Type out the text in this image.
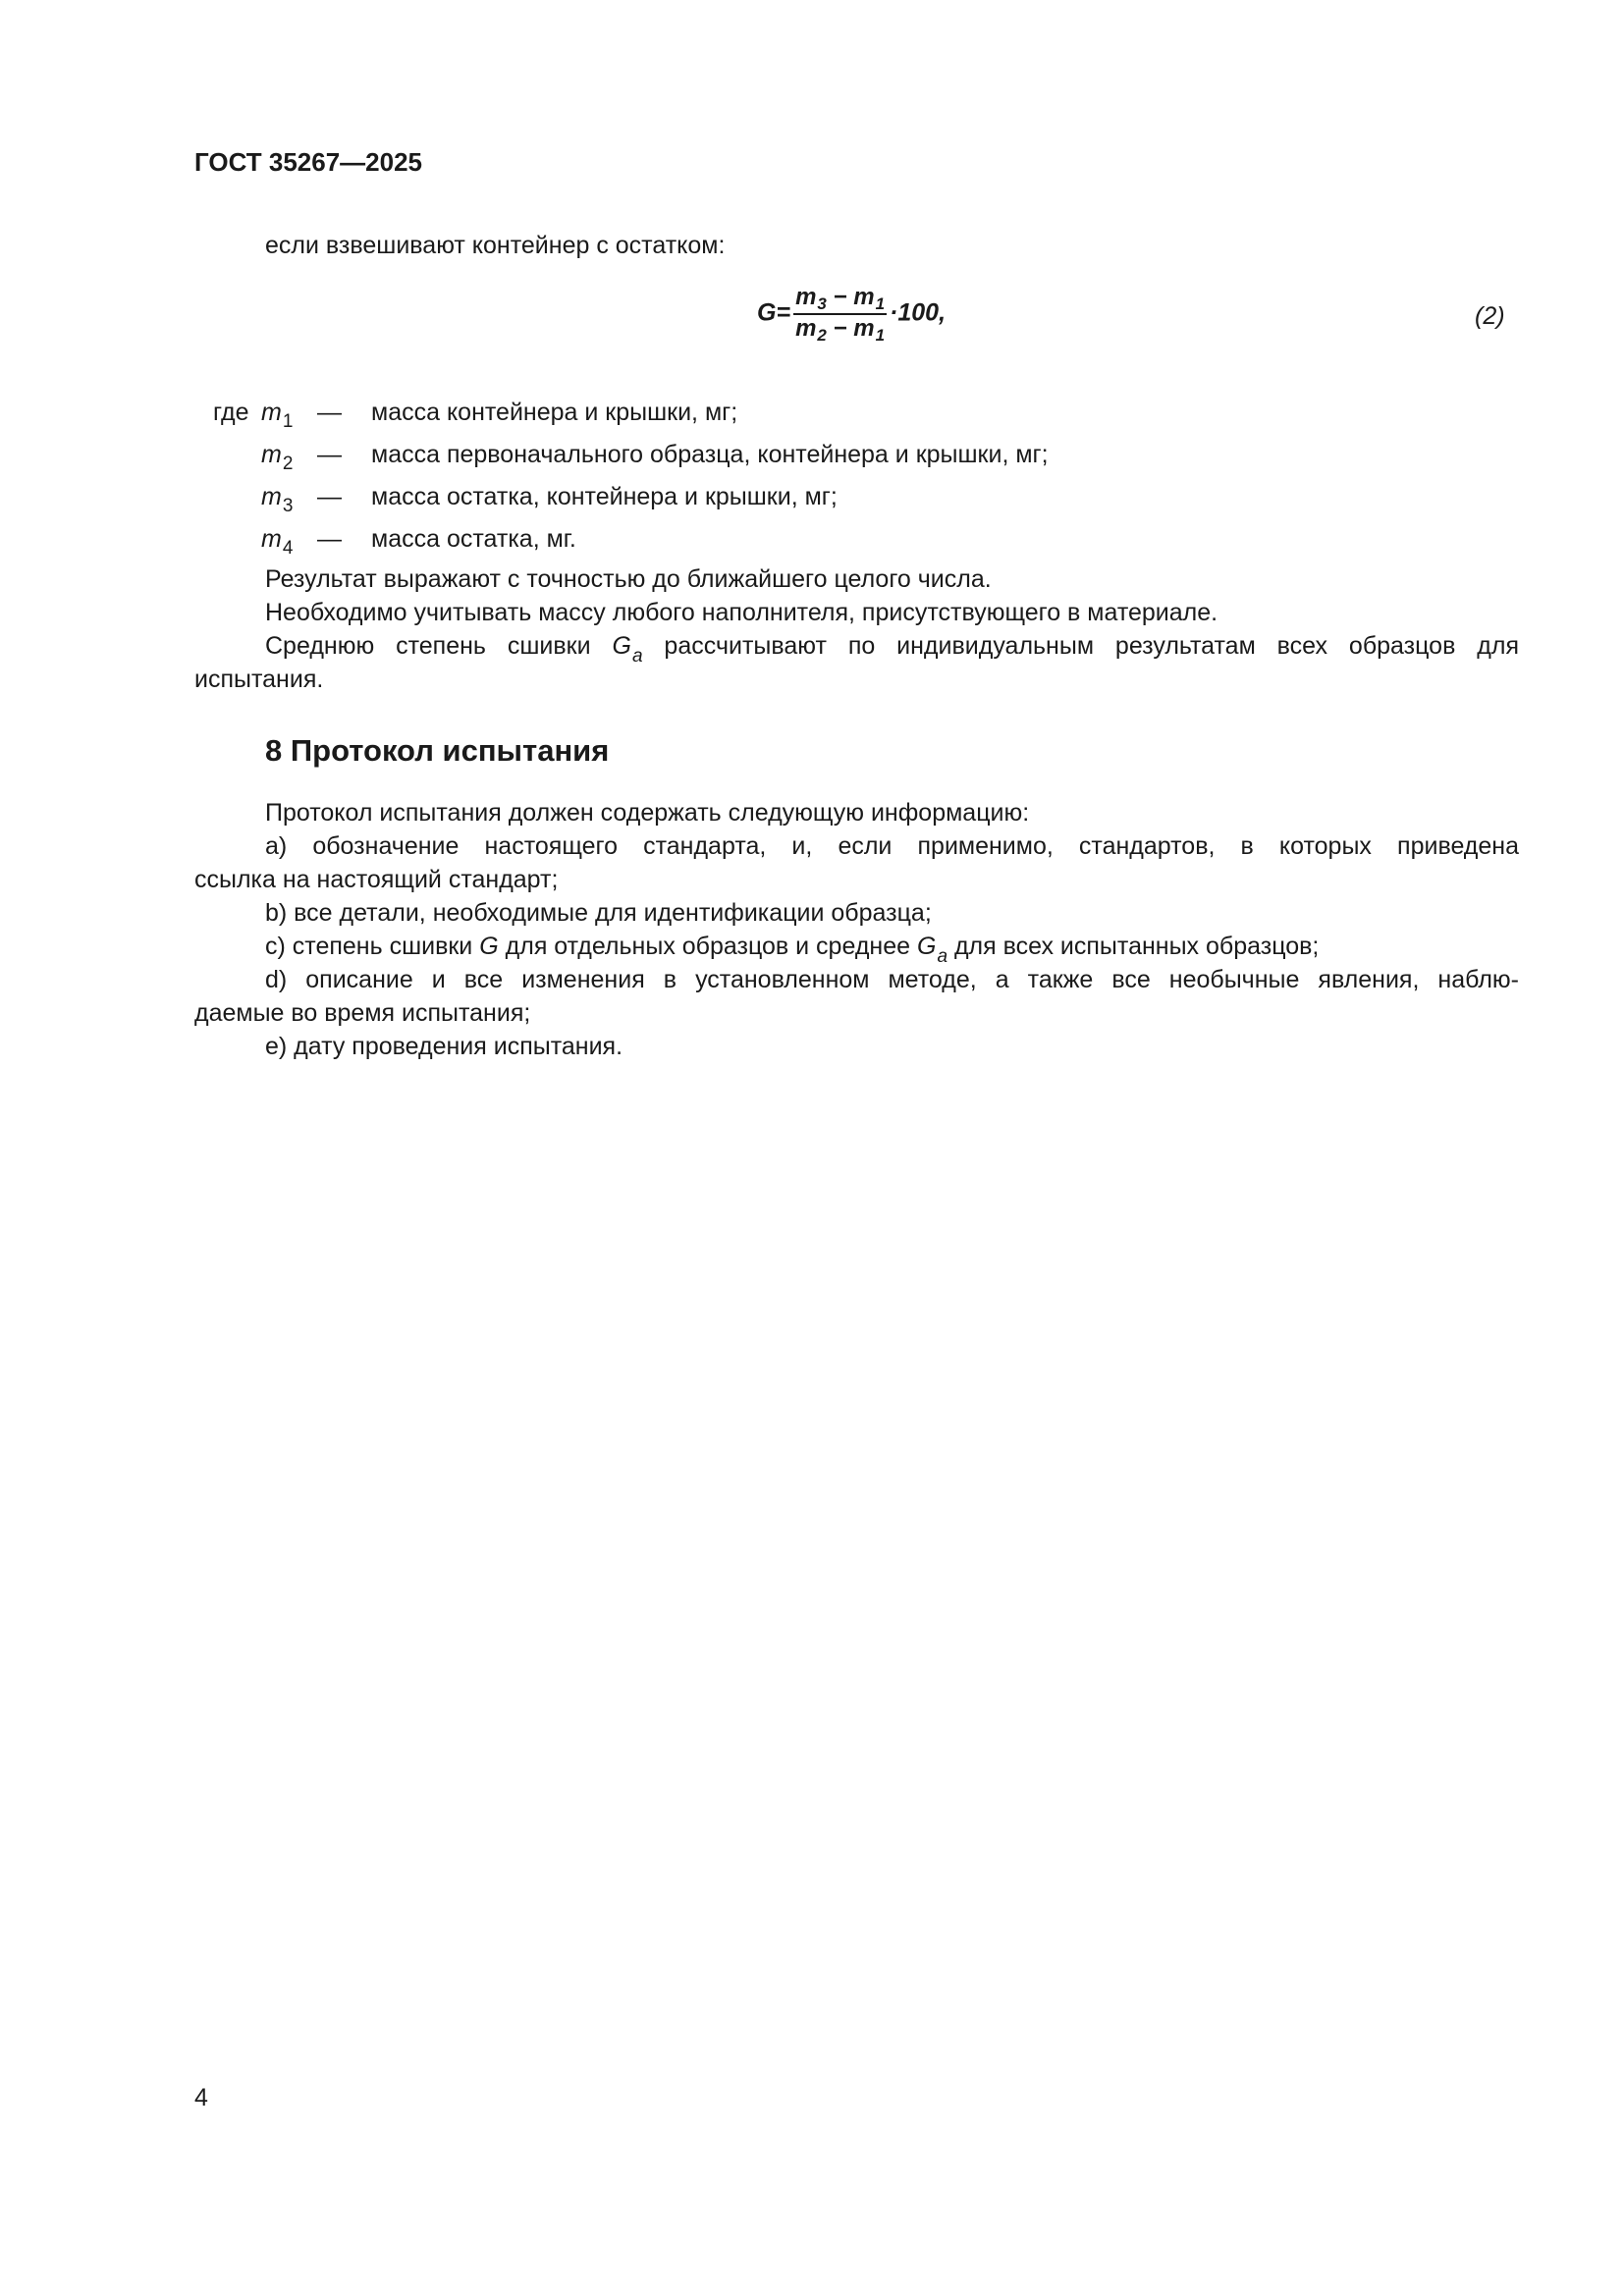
ГОСТ 35267—2025
если взвешивают контейнер с остатком:
$G= \frac{m_3 - m_1}{m_2 - m_1} \cdot 100$,	(2)
где $m_1$ — масса контейнера и крышки, мг;
$m_2$ — масса первоначального образца, контейнера и крышки, мг;
$m_3$ — масса остатка, контейнера и крышки, мг;
$m_4$ — масса остатка, мг.
Результат выражают с точностью до ближайшего целого числа.
Необходимо учитывать массу любого наполнителя, присутствующего в материале.
Среднюю степень сшивки $G_a$ рассчитывают по индивидуальным результатам всех образцов для
испытания.
8 Протокол испытания
Протокол испытания должен содержать следующую информацию:
a) обозначение настоящего стандарта, и, если применимо, стандартов, в которых приведена
ссылка на настоящий стандарт;
b) все детали, необходимые для идентификации образца;
c) степень сшивки G для отдельных образцов и среднее $G_a$ для всех испытанных образцов;
d) описание и все изменения в установленном методе, а также все необычные явления, наблю-
даемые во время испытания;
e) дату проведения испытания.
4
